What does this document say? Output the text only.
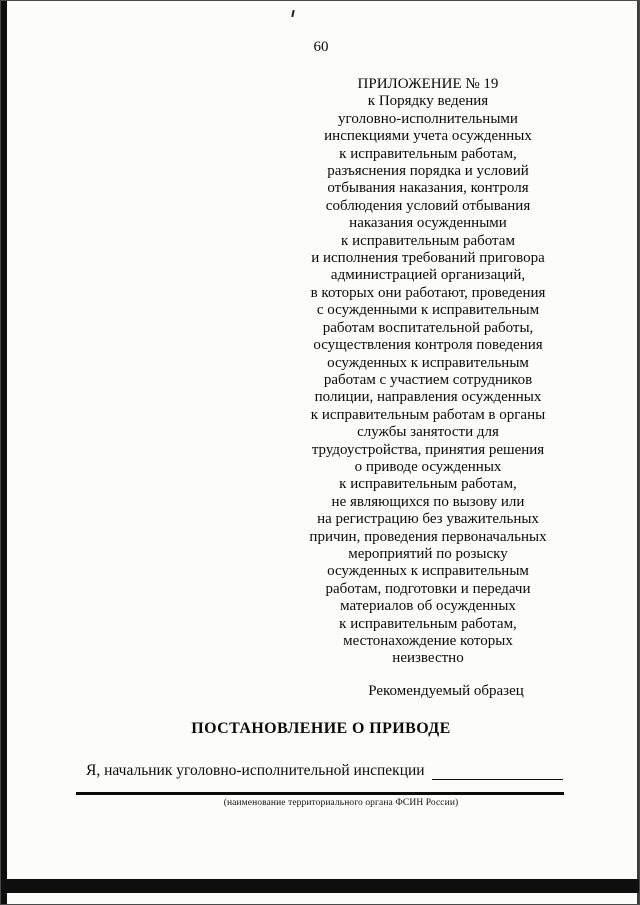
60
ПРИЛОЖЕНИЕ № 19
к Порядку ведения
уголовно-исполнительными
инспекциями учета осужденных
к исправительным работам,
разъяснения порядка и условий
отбывания наказания, контроля
соблюдения условий отбывания
наказания осужденными
к исправительным работам
и исполнения требований приговора
администрацией организаций,
в которых они работают, проведения
с осужденными к исправительным
работам воспитательной работы,
осуществления контроля поведения
осужденных к исправительным
работам с участием сотрудников
полиции, направления осужденных
к исправительным работам в органы
службы занятости для
трудоустройства, принятия решения
о приводе осужденных
к исправительным работам,
не являющихся по вызову или
на регистрацию без уважительных
причин, проведения первоначальных
мероприятий по розыску
осужденных к исправительным
работам, подготовки и передачи
материалов об осужденных
к исправительным работам,
местонахождение которых
неизвестно
Рекомендуемый образец
ПОСТАНОВЛЕНИЕ О ПРИВОДЕ
Я, начальник уголовно-исполнительной инспекции
(наименование территориального органа ФСИН России)
